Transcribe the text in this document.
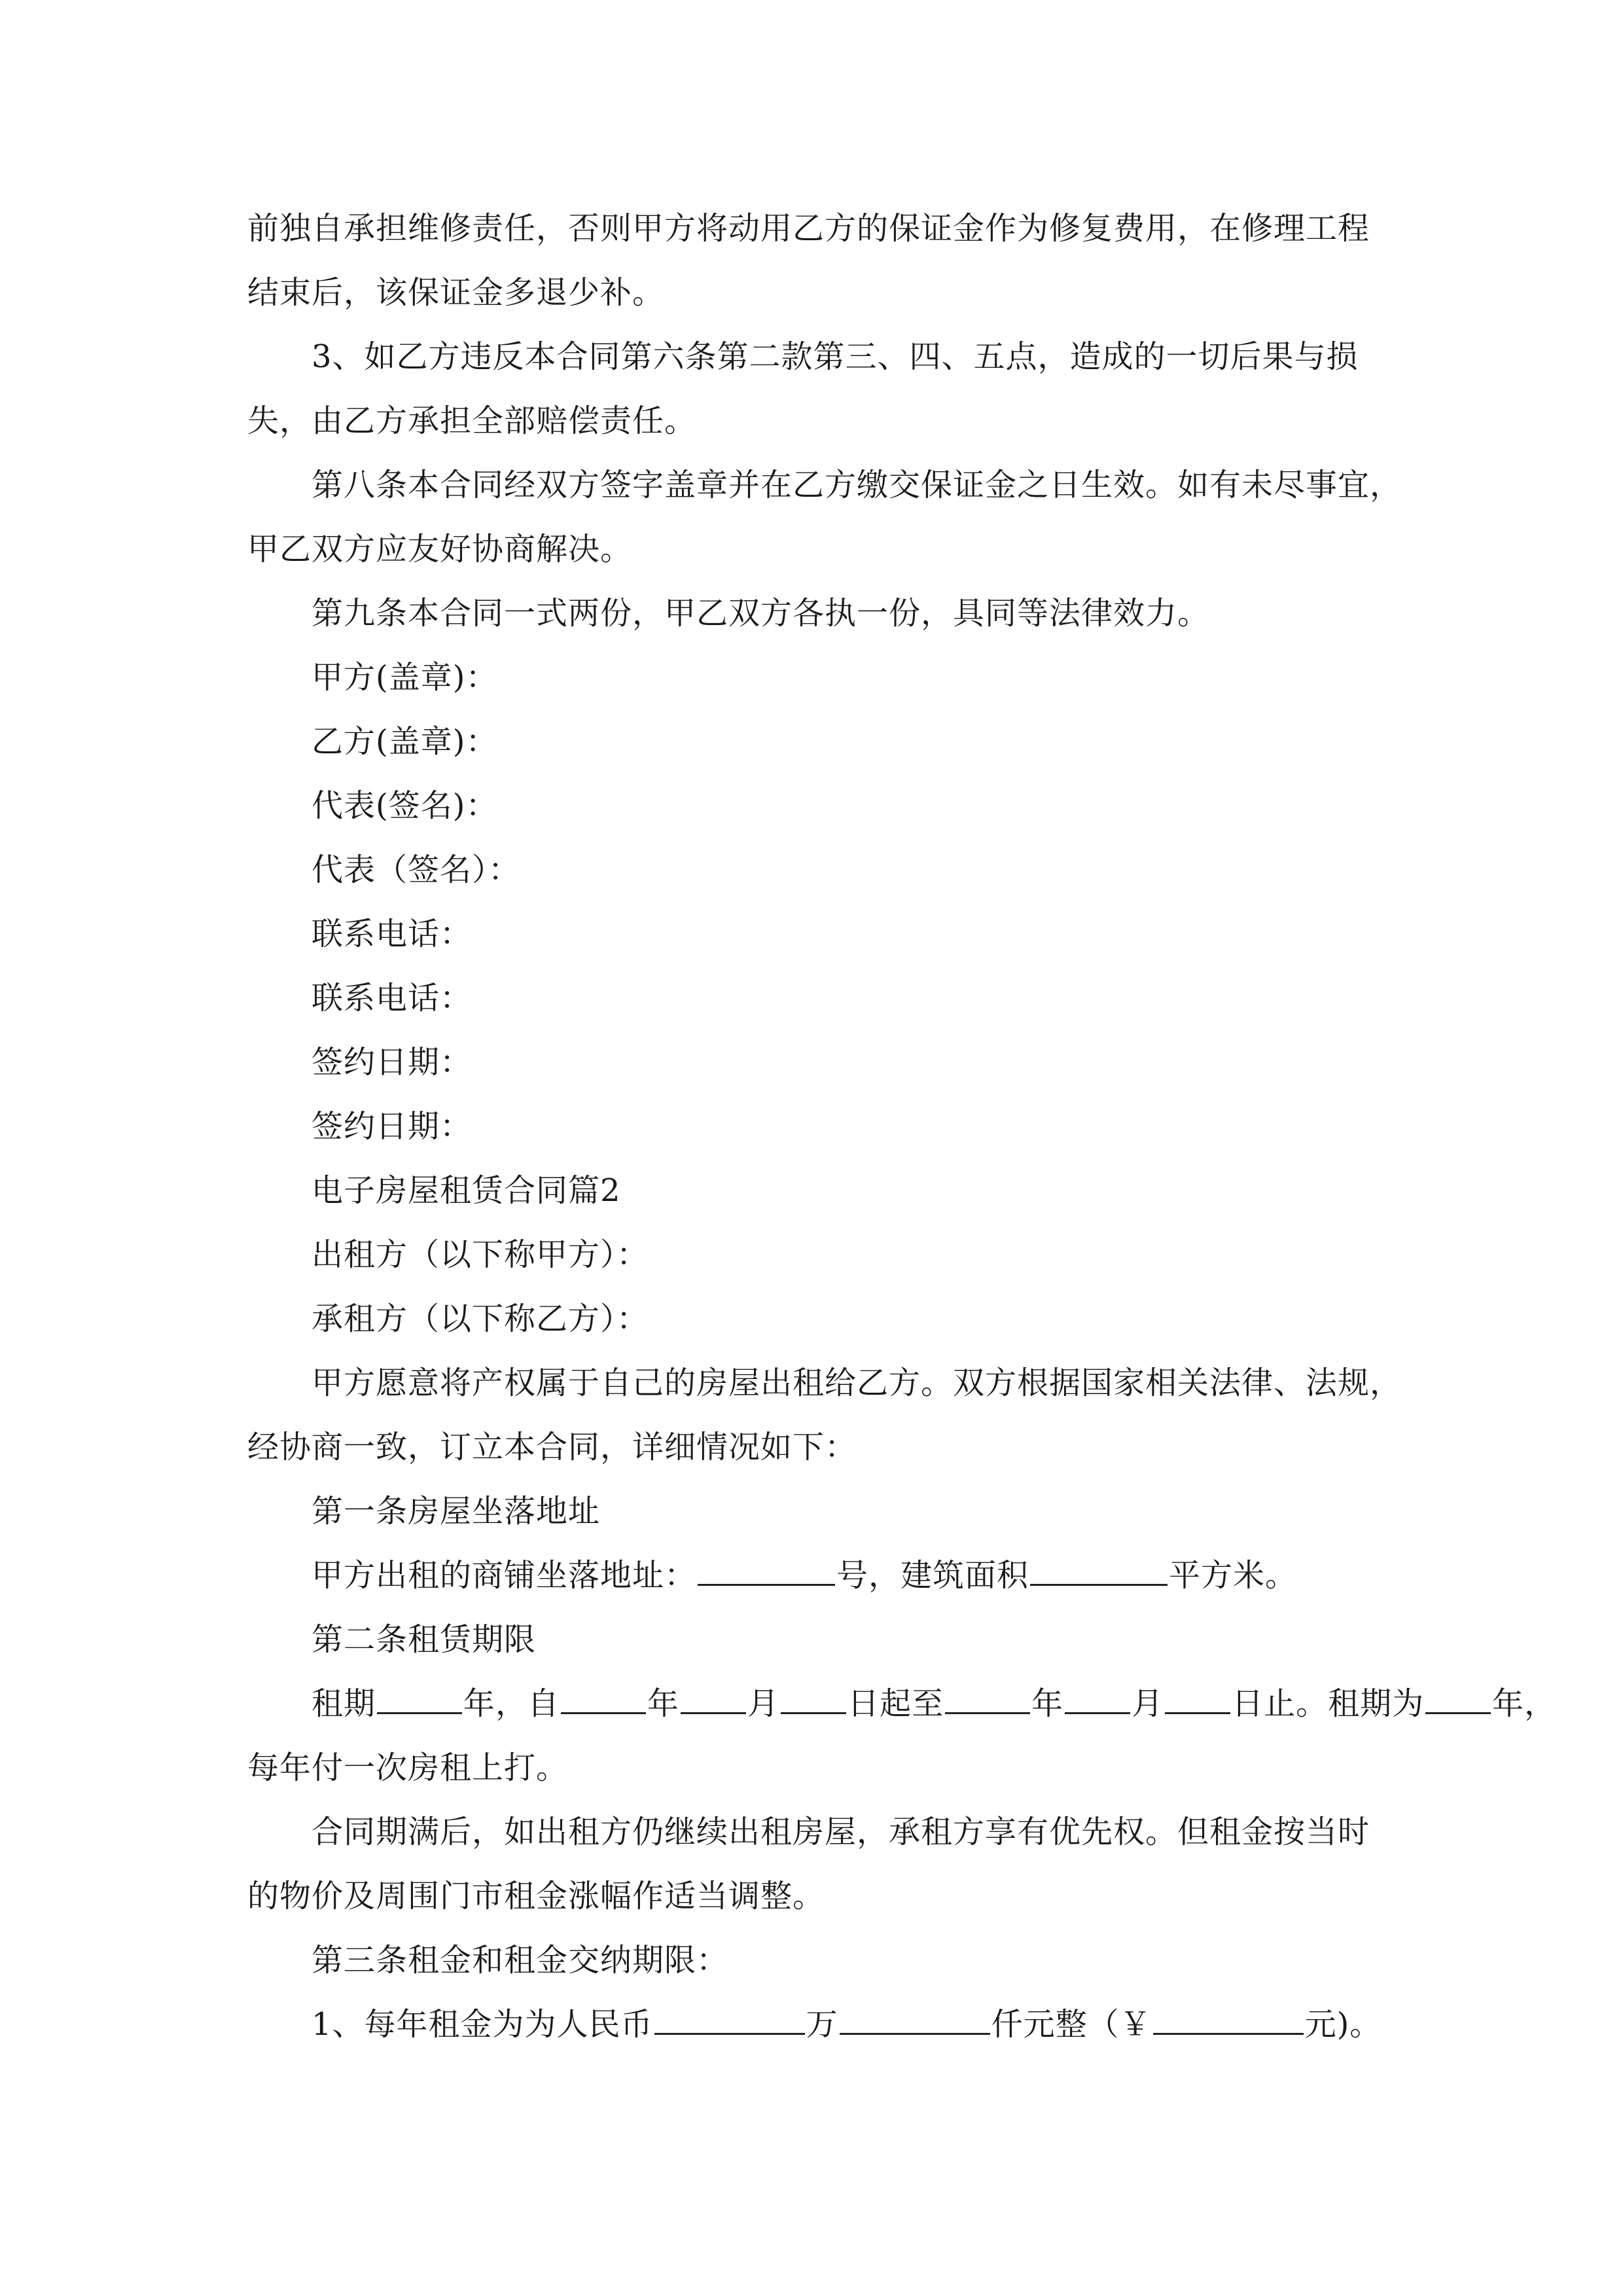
前独自承担维修责任，否则甲方将动用乙方的保证金作为修复费用，在修理工程
结束后，该保证金多退少补。
3、如乙方违反本合同第六条第二款第三、四、五点，造成的一切后果与损
失，由乙方承担全部赔偿责任。
第八条本合同经双方签字盖章并在乙方缴交保证金之日生效。如有未尽事宜，
甲乙双方应友好协商解决。
第九条本合同一式两份，甲乙双方各执一份，具同等法律效力。
甲方(盖章)：
乙方(盖章)：
代表(签名)：
代表（签名）：
联系电话：
联系电话：
签约日期：
签约日期：
电子房屋租赁合同篇2
出租方（以下称甲方）：
承租方（以下称乙方）：
甲方愿意将产权属于自己的房屋出租给乙方。双方根据国家相关法律、法规，
经协商一致，订立本合同，详细情况如下：
第一条房屋坐落地址
甲方出租的商铺坐落地址：	号，建筑面积	平方米。
第二条租赁期限
租期	年，自	年 月 日起至	年 月 日止。租期为 年，
每年付一次房租上打。
合同期满后，如出租方仍继续出租房屋，承租方享有优先权。但租金按当时
的物价及周围门市租金涨幅作适当调整。
第三条租金和租金交纳期限：
1、每年租金为为人民币	万	仟元整（￥	元)。
